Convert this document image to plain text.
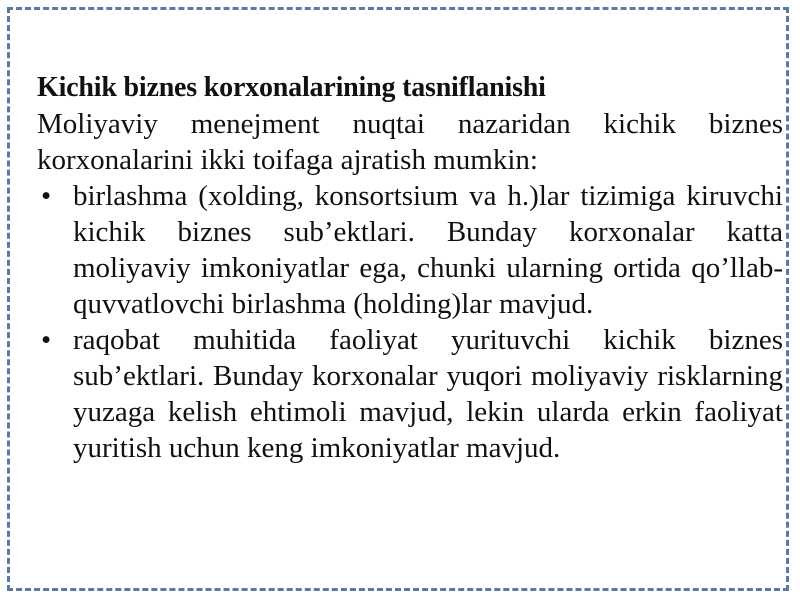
Kichik biznes korxonalarining tasniflanishi

Moliyaviy menejment nuqtai nazaridan kichik biznes korxonalarini ikki toifaga ajratish mumkin:

• birlashma (xolding, konsortsium va h.)lar tizimiga kiruvchi kichik biznes sub’ektlari. Bunday korxonalar katta moliyaviy imkoniyatlar ega, chunki ularning ortida qo’llab-quvvatlovchi birlashma (holding)lar mavjud.
• raqobat muhitida faoliyat yurituvchi kichik biznes sub’ektlari. Bunday korxonalar yuqori moliyaviy risklarning yuzaga kelish ehtimoli mavjud, lekin ularda erkin faoliyat yuritish uchun keng imkoniyatlar mavjud.
